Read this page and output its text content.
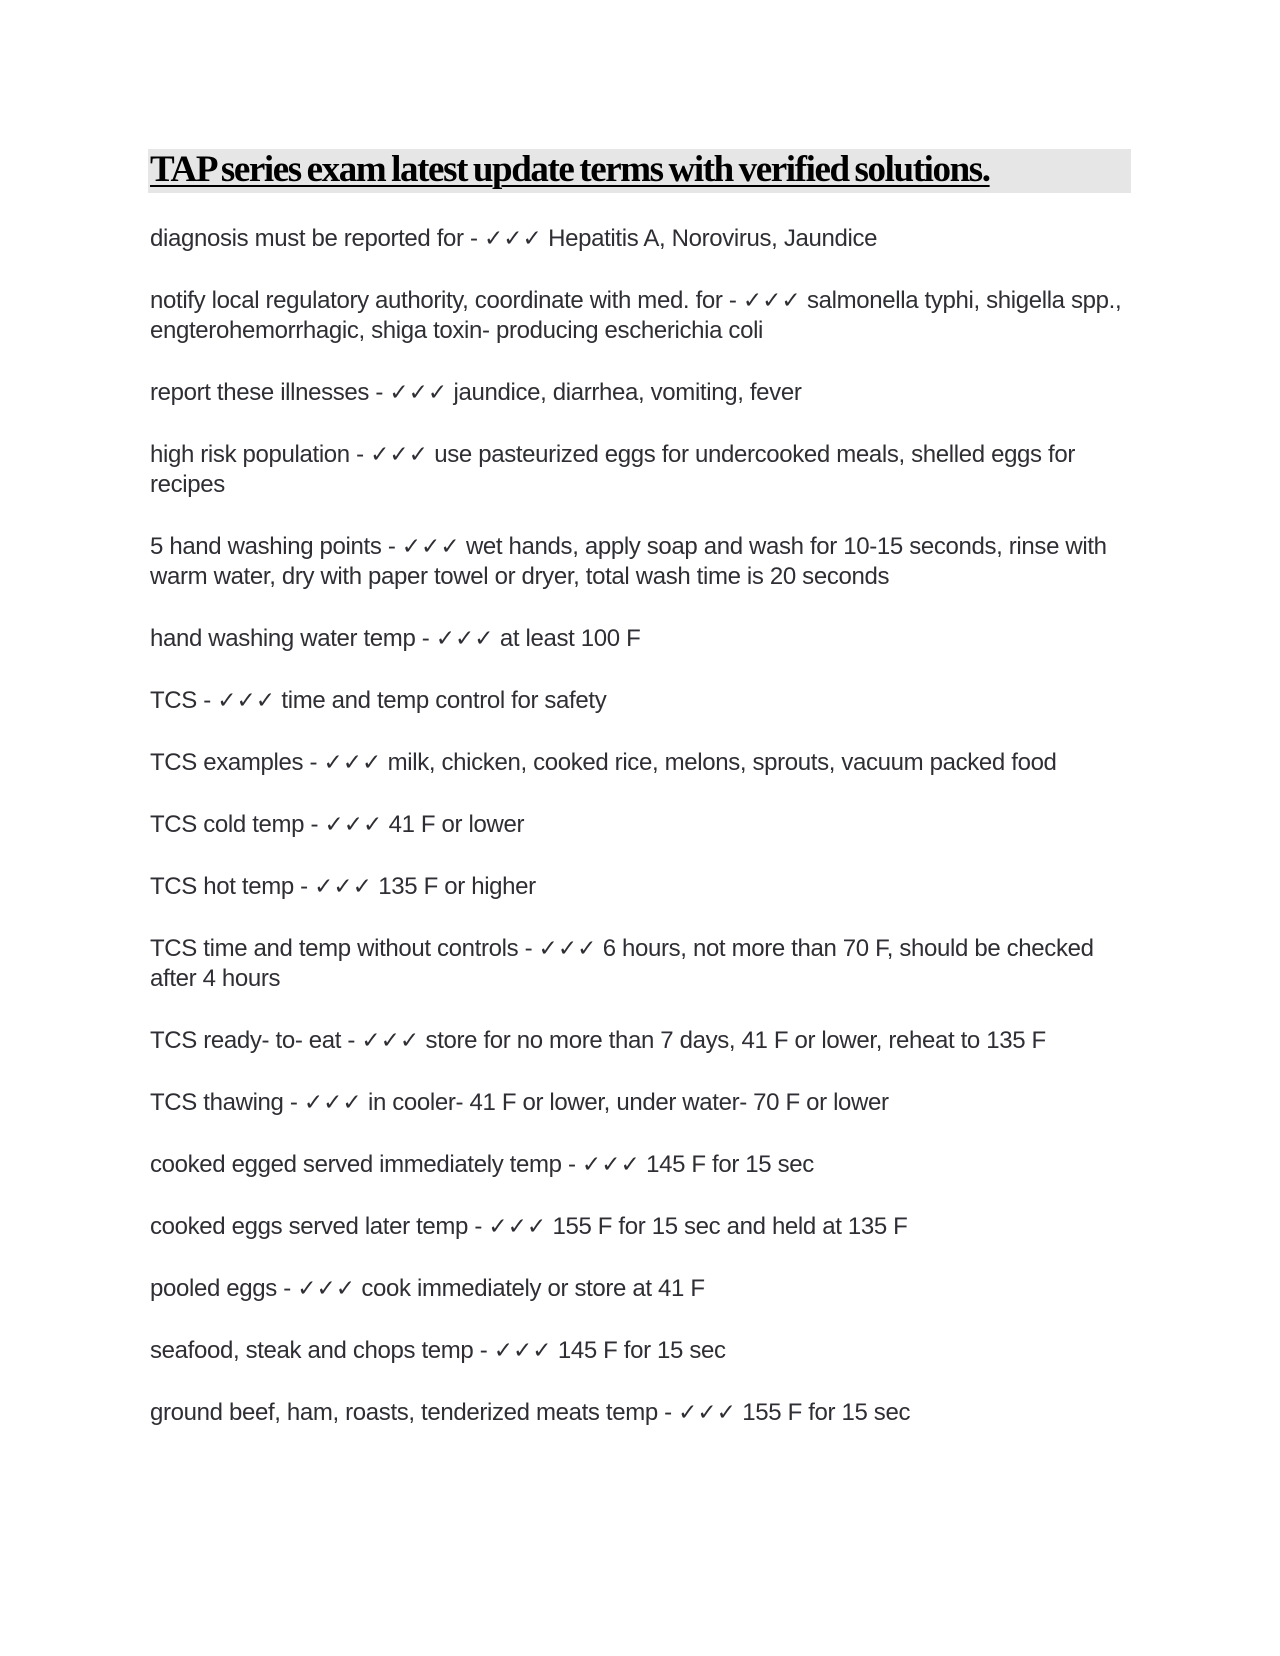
TAP series exam latest update terms with verified solutions.
diagnosis must be reported for - ✓✓✓ Hepatitis A, Norovirus, Jaundice
notify local regulatory authority, coordinate with med. for - ✓✓✓ salmonella typhi, shigella spp., engterohemorrhagic, shiga toxin- producing escherichia coli
report these illnesses - ✓✓✓ jaundice, diarrhea, vomiting, fever
high risk population - ✓✓✓ use pasteurized eggs for undercooked meals, shelled eggs for recipes
5 hand washing points - ✓✓✓ wet hands, apply soap and wash for 10-15 seconds, rinse with warm water, dry with paper towel or dryer, total wash time is 20 seconds
hand washing water temp - ✓✓✓ at least 100 F
TCS - ✓✓✓ time and temp control for safety
TCS examples - ✓✓✓ milk, chicken, cooked rice, melons, sprouts, vacuum packed food
TCS cold temp - ✓✓✓ 41 F or lower
TCS hot temp - ✓✓✓ 135 F or higher
TCS time and temp without controls - ✓✓✓ 6 hours, not more than 70 F, should be checked after 4 hours
TCS ready- to- eat - ✓✓✓ store for no more than 7 days, 41 F or lower, reheat to 135 F
TCS thawing - ✓✓✓ in cooler- 41 F or lower, under water- 70 F or lower
cooked egged served immediately temp - ✓✓✓ 145 F for 15 sec
cooked eggs served later temp - ✓✓✓ 155 F for 15 sec and held at 135 F
pooled eggs - ✓✓✓ cook immediately or store at 41 F
seafood, steak and chops temp - ✓✓✓ 145 F for 15 sec
ground beef, ham, roasts, tenderized meats temp - ✓✓✓ 155 F for 15 sec
